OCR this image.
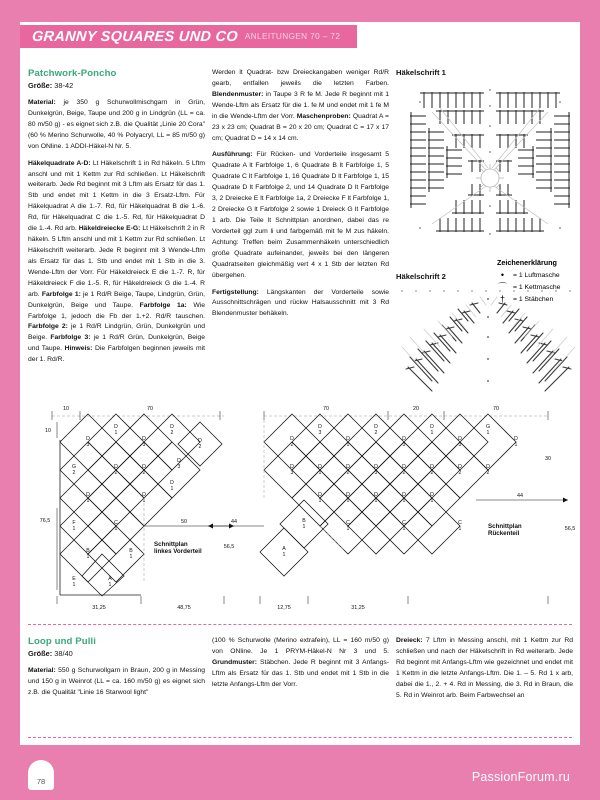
GRANNY SQUARES UND CO ANLEITUNGEN 70 – 72
Patchwork-Poncho
Größe: 38-42

Material: je 350 g Schurwollmischgarn in Grün, Dunkelgrün, Beige, Taupe und 200 g in Lindgrün (LL = ca. 80 m/50 g) - es eignet sich z.B. die Qualität „Linie 20 Cora" (60 % Merino Schurwolle, 40 % Polyacryl, LL = 85 m/50 g) von ONline. 1 ADDI-Häkel-N Nr. 5.

Häkelquadrate A-D: Lt Häkelschrift 1 in Rd häkeln. 5 Lftm anschl und mit 1 Kettm zur Rd schließen. Lt Häkelschrift weiterarb. Jede Rd beginnt mit 3 Lftm als Ersatz für das 1. Stb und endet mit 1 Kettm in die 3 Ersatz-Lftm. Für Häkelquadrat A die 1.-7. Rd, für Häkelquadrat B die 1.-6. Rd, für Häkelquadrat C die 1.-5. Rd, für Häkelquadrat D die 1.-4. Rd arb. Häkeldreiecke E-G: Lt Häkelschrift 2 in R häkeln. 5 Lftm anschl und mit 1 Kettm zur Rd schließen. Lt Häkelschrift weiterarb. Jede R beginnt mit 3 Wende-Lftm als Ersatz für das 1. Stb und endet mit 1 Stb in die 3. Wende-Lftm der Vorr. Für Häkeldreieck E die 1.-7. R, für Häkeldreieck F die 1.-5. R, für Häkeldreieck G die 1.-4. R arb. Farbfolge 1: je 1 Rd/R Beige, Taupe, Lindgrün, Grün, Dunkelgrün, Beige und Taupe. Farbfolge 1a: Wie Farbfolge 1, jedoch die Fb der 1.+2. Rd/R tauschen. Farbfolge 2: je 1 Rd/R Lindgrün, Grün, Dunkelgrün und Beige. Farbfolge 3: je 1 Rd/R Grün, Dunkelgrün, Beige und Taupe. Hinweis: Die Farbfolgen beginnen jeweils mit der 1. Rd/R.

Werden lt Quadrat- bzw Dreieckangaben weniger Rd/R gearb, entfallen jeweils die letzten Farben. Blendenmuster: in Taupe 3 R fe M. Jede R beginnt mit 1 Wende-Lftm als Ersatz für die 1. fe M und endet mit 1 fe M in die Wende-Lftm der Vorr. Maschenproben: Quadrat A = 23 x 23 cm; Quadrat B = 20 x 20 cm; Quadrat C = 17 x 17 cm; Quadrat D = 14 x 14 cm.

Ausführung: Für Rücken- und Vorderteile insgesamt 5 Quadrate A lt Farbfolge 1, 6 Quadrate B lt Farbfolge 1, 5 Quadrate C lt Farbfolge 1, 16 Quadrate D lt Farbfolge 1, 15 Quadrate D lt Farbfolge 2, und 14 Quadrate D lt Farbfolge 3, 2 Dreiecke E lt Farbfolge 1a, 2 Dreiecke F lt Farbfolge 1, 2 Dreiecke G lt Farbfolge 2 sowie 1 Dreieck G lt Farbfolge 1 arb. Die Teile lt Schnittplan anordnen, dabei das re Vorderteil ggl zum li und farbgemäß mit fe M zus häkeln. Achtung: Treffen beim Zusammenhäkeln unterschiedlich große Quadrate aufeinander, jeweils bei den längeren Quadratseiten gleichmäßig vert 4 x 1 Stb der letzten Rd übergehen.

Fertigstellung: Längskanten der Vorderteile sowie Ausschnittschrägen und rückw Halsausschnitt mit 3 Rd Blendenmuster behäkeln.

Häkelschrift 1
Häkelschrift 2
Zeichenerklärung
•	= 1 Luftmasche
⌒ = 1 Kettmasche
†	= 1 Stäbchen
10	70
10
76,5
31,25
D
3
D
1
D
3
D
2
D
2
G
2
D
2
D
2
D
3
D
1
D
1
D
1
F
1
C
1
B
1
B
1
E
1
A
1
50
Schnittplan
linkes Vorderteil
56,5
48,75
70	20	70
D
2
D
3
D
1
D
2
D
3
D
1
D
3
G
1
D
1
D
3
D
1
D
2
D
3
D
2
D
2
D
2
D
2
D
1
D
1
D
1
D
1
D
1
C
1
C
1
C
1
B
1
A
1
44
44
Schnittplan
Rückenteil
56,5
30
12,75	31,25
Loop und Pulli
Größe: 38/40

Material: 550 g Schurwollgarn in Braun, 200 g in Messing und 150 g in Weinrot (LL = ca. 160 m/50 g) es eignet sich z.B. die Qualität "Linie 16 Starwool light"

(100 % Schurwolle (Merino extrafein), LL = 160 m/50 g) von ONline. Je 1 PRYM-Häkel-N Nr 3 und 5. Grundmuster: Stäbchen. Jede R beginnt mit 3 Anfangs-Lftm als Ersatz für das 1. Stb und endet mit 1 Stb in die letzte Anfangs-Lftm der Vorr.

Dreieck: 7 Lftm in Messing anschl, mit 1 Kettm zur Rd schließen und nach der Häkelschrift in Rd weiterarb. Jede Rd beginnt mit Anfangs-Lftm wie gezeichnet und endet mit 1 Kettm in die letzte Anfangs-Lftm. Die 1. – 5. Rd 1 x arb, dabei die 1., 2. + 4. Rd in Messing, die 3. Rd in Braun, die 5. Rd in Weinrot arb. Beim Farbwechsel an

78	PassionForum.ru
